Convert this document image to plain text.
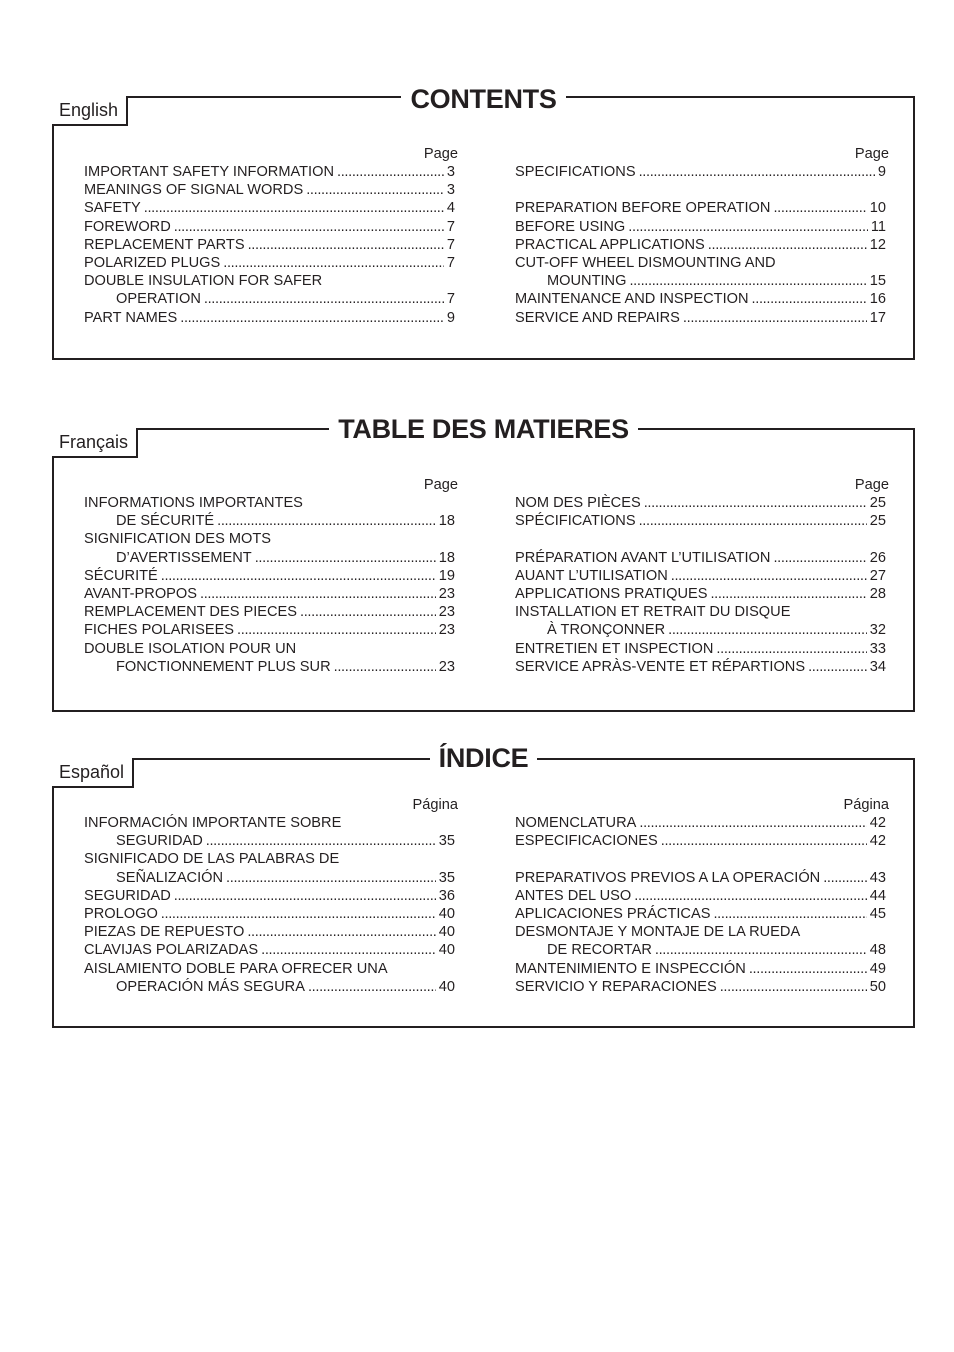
English	CONTENTS
Page
IMPORTANT SAFETY INFORMATION . . .	3
MEANINGS OF SIGNAL WORDS . . .	3
SAFETY . . .	4
FOREWORD . . .	7
REPLACEMENT PARTS . . .	7
POLARIZED PLUGS . . .	7
DOUBLE INSULATION FOR SAFER
OPERATION . . .	7
PART NAMES . . .	9
Page
SPECIFICATIONS . . .	9
PREPARATION BEFORE OPERATION . . .	10
BEFORE USING . . .	11
PRACTICAL APPLICATIONS . . .	12
CUT-OFF WHEEL DISMOUNTING AND
MOUNTING . . .	15
MAINTENANCE AND INSPECTION . . .	16
SERVICE AND REPAIRS . . .	17
Français	TABLE DES MATIERES
Page
INFORMATIONS IMPORTANTES
DE SÉCURITÉ . . .	18
SIGNIFICATION DES MOTS
D’AVERTISSEMENT . . .	18
SÉCURITÉ . . .	19
AVANT-PROPOS . . .	23
REMPLACEMENT DES PIECES . . .	23
FICHES POLARISEES . . .	23
DOUBLE ISOLATION POUR UN
FONCTIONNEMENT PLUS SUR . . .	23
Page
NOM DES PIÈCES . . .	25
SPÉCIFICATIONS . . .	25
PRÉPARATION AVANT L’UTILISATION . . .	26
AUANT L’UTILISATION . . .	27
APPLICATIONS PRATIQUES . . .	28
INSTALLATION ET RETRAIT DU DISQUE
À TRONÇONNER . . .	32
ENTRETIEN ET INSPECTION . . .	33
SERVICE APRÀS-VENTE ET RÉPARTIONS . . .	34
Español	ÍNDICE
Página
INFORMACIÓN IMPORTANTE SOBRE
SEGURIDAD . . .	35
SIGNIFICADO DE LAS PALABRAS DE
SEÑALIZACIÓN . . .	35
SEGURIDAD . . .	36
PROLOGO . . .	40
PIEZAS DE REPUESTO . . .	40
CLAVIJAS POLARIZADAS . . .	40
AISLAMIENTO DOBLE PARA OFRECER UNA
OPERACIÓN MÁS SEGURA . . .	40
Página
NOMENCLATURA . . .	42
ESPECIFICACIONES . . .	42
PREPARATIVOS PREVIOS A LA OPERACIÓN . . .	43
ANTES DEL USO . . .	44
APLICACIONES PRÁCTICAS . . .	45
DESMONTAJE Y MONTAJE DE LA RUEDA
DE RECORTAR . . .	48
MANTENIMIENTO E INSPECCIÓN . . .	49
SERVICIO Y REPARACIONES . . .	50
